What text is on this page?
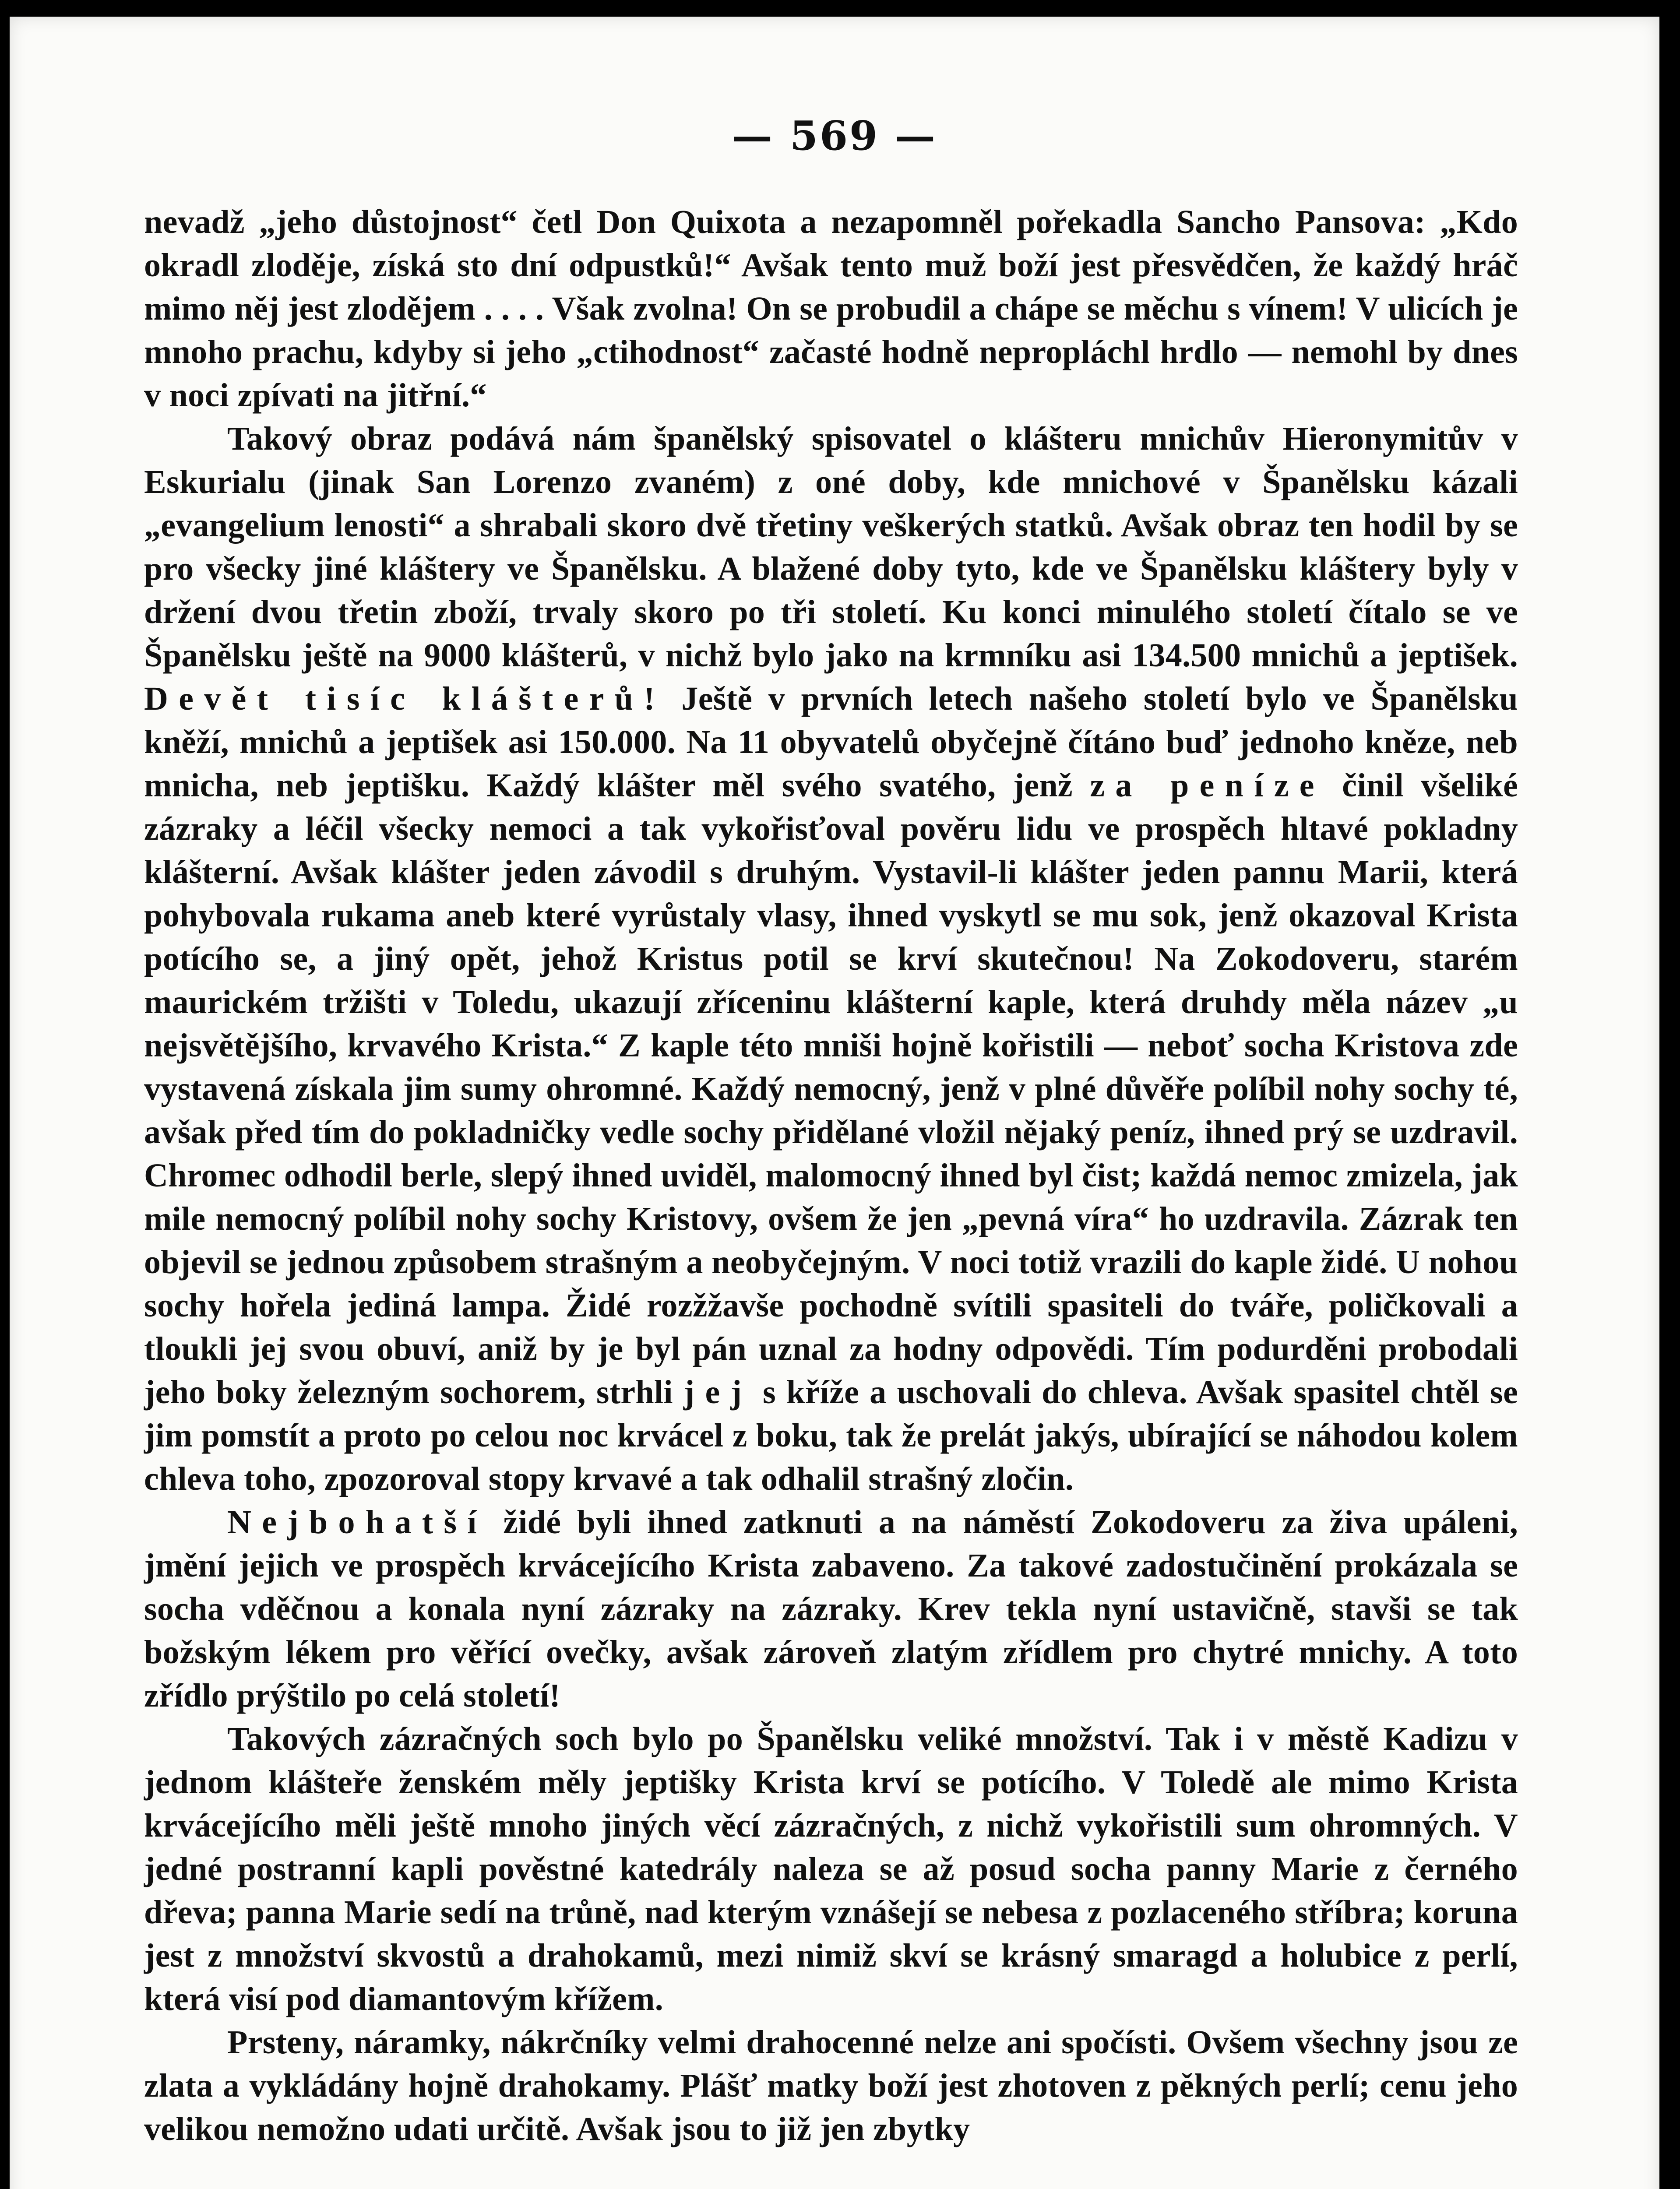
— 569 —

nevadž „jeho důstojnost“ četl Don Quixota a nezapomněl pořekadla Sancho Pansova: „Kdo okradl zloděje, získá sto dní odpustků!“ Avšak tento muž boží jest přesvědčen, že každý hráč mimo něj jest zlodějem . . . . Však zvolna! On se probudil a chápe se měchu s vínem! V ulicích je mnoho prachu, kdyby si jeho „ctihodnost“ začasté hodně nepropláchl hrdlo — nemohl by dnes v noci zpívati na jitřní.“

Takový obraz podává nám španělský spisovatel o klášteru mnichův Hieronymitův v Eskurialu (jinak San Lorenzo zvaném) z oné doby, kde mnichové v Španělsku kázali „evangelium lenosti“ a shrabali skoro dvě třetiny veškerých statků. Avšak obraz ten hodil by se pro všecky jiné kláštery ve Španělsku. A blažené doby tyto, kde ve Španělsku kláštery byly v držení dvou třetin zboží, trvaly skoro po tři století. Ku konci minulého století čítalo se ve Španělsku ještě na 9000 klášterů, v nichž bylo jako na krmníku asi 134.500 mnichů a jeptišek. Devět tisíc klášterů! Ještě v prvních letech našeho století bylo ve Španělsku kněží, mnichů a jeptišek asi 150.000. Na 11 obyvatelů obyčejně čítáno buď jednoho kněze, neb mnicha, neb jeptišku. Každý klášter měl svého svatého, jenž za peníze činil všeliké zázraky a léčil všecky nemoci a tak vykořisťoval pověru lidu ve prospěch hltavé pokladny klášterní. Avšak klášter jeden závodil s druhým. Vystavil-li klášter jeden pannu Marii, která pohybovala rukama aneb které vyrůstaly vlasy, ihned vyskytl se mu sok, jenž okazoval Krista potícího se, a jiný opět, jehož Kristus potil se krví skutečnou! Na Zokodoveru, starém maurickém tržišti v Toledu, ukazují zříceninu klášterní kaple, která druhdy měla název „u nejsvětějšího, krvavého Krista.“ Z kaple této mniši hojně kořistili — neboť socha Kristova zde vystavená získala jim sumy ohromné. Každý nemocný, jenž v plné důvěře políbil nohy sochy té, avšak před tím do pokladničky vedle sochy přidělané vložil nějaký peníz, ihned prý se uzdravil. Chromec odhodil berle, slepý ihned uviděl, malomocný ihned byl čist; každá nemoc zmizela, jak mile nemocný políbil nohy sochy Kristovy, ovšem že jen „pevná víra“ ho uzdravila. Zázrak ten objevil se jednou způsobem strašným a neobyčejným. V noci totiž vrazili do kaple židé. U nohou sochy hořela jediná lampa. Židé rozžžavše pochodně svítili spasiteli do tváře, poličkovali a tloukli jej svou obuví, aniž by je byl pán uznal za hodny odpovědi. Tím podurděni probodali jeho boky železným sochorem, strhli jej s kříže a uschovali do chleva. Avšak spasitel chtěl se jim pomstít a proto po celou noc krvácel z boku, tak že prelát jakýs, ubírající se náhodou kolem chleva toho, zpozoroval stopy krvavé a tak odhalil strašný zločin.

Nejbohatší židé byli ihned zatknuti a na náměstí Zokodoveru za živa upáleni, jmění jejich ve prospěch krvácejícího Krista zabaveno. Za takové zadostučinění prokázala se socha vděčnou a konala nyní zázraky na zázraky. Krev tekla nyní ustavičně, stavši se tak božským lékem pro věřící ovečky, avšak zároveň zlatým zřídlem pro chytré mnichy. A toto zřídlo prýštilo po celá století!

Takových zázračných soch bylo po Španělsku veliké množství. Tak i v městě Kadizu v jednom klášteře ženském měly jeptišky Krista krví se potícího. V Toledě ale mimo Krista krvácejícího měli ještě mnoho jiných věcí zázračných, z nichž vykořistili sum ohromných. V jedné postranní kapli pověstné katedrály naleza se až posud socha panny Marie z černého dřeva; panna Marie sedí na trůně, nad kterým vznášejí se nebesa z pozlaceného stříbra; koruna jest z množství skvostů a drahokamů, mezi nimiž skví se krásný smaragd a holubice z perlí, která visí pod diamantovým křížem.

Prsteny, náramky, nákrčníky velmi drahocenné nelze ani spočísti. Ovšem všechny jsou ze zlata a vykládány hojně drahokamy. Plášť matky boží jest zhotoven z pěkných perlí; cenu jeho velikou nemožno udati určitě. Avšak jsou to již jen zbytky
